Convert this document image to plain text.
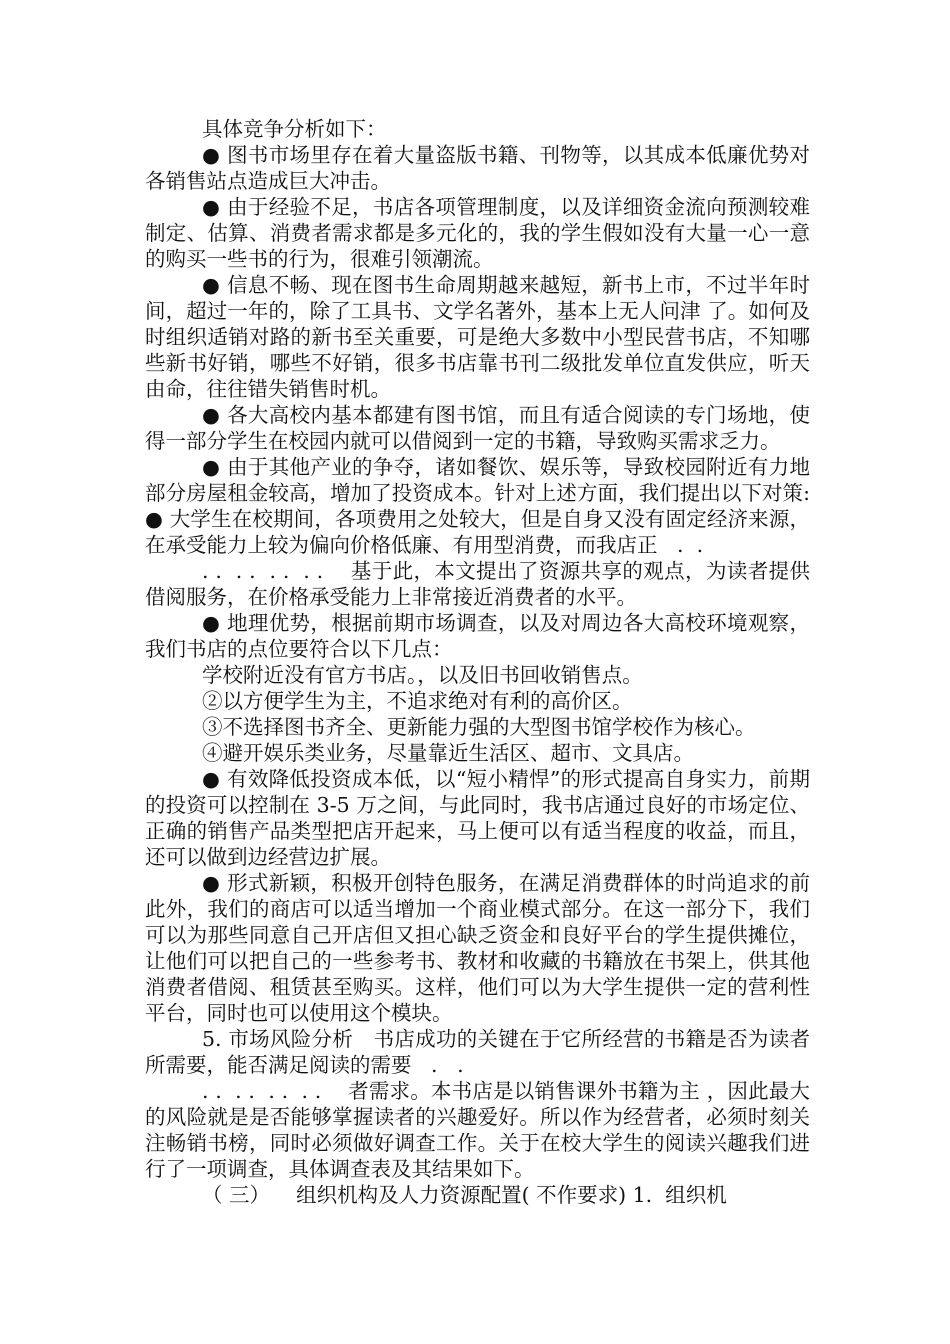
具体竞争分析如下：

● 图书市场里存在着大量盗版书籍、刊物等，以其成本低廉优势对各销售站点造成巨大冲击。

● 由于经验不足，书店各项管理制度，以及详细资金流向预测较难 制定、估算、消费者需求都是多元化的，我的学生假如没有大量一心一意的购买一些书的行为，很难引领潮流。

● 信息不畅、现在图书生命周期越来越短，新书上市，不过半年时间，超过一年的，除了工具书、文学名著外，基本上无人问津 了。如何及时组织适销对路的新书至关重要，可是绝大多数中小型民营书店，不知哪些新书好销，哪些不好销，很多书店靠书刊二级批发单位直发供应，听天由命，往往错失销售时机。

● 各大高校内基本都建有图书馆，而且有适合阅读的专门场地，使得一部分学生在校园内就可以借阅到一定的书籍，导致购买需求乏力。

● 由于其他产业的争夺，诸如餐饮、娱乐等，导致校园附近有力地 部分房屋租金较高，增加了投资成本。针对上述方面，我们提出以下对策: ● 大学生在校期间，各项费用之处较大，但是自身又没有固定经济来源，在承受能力上较为偏向价格低廉、有用型消费，而我店正   .  .

. .  . .  . .  . .    基于此，本文提出了资源共享的观点，为读者提供借阅服务，在价格承受能力上非常接近消费者的水平。

● 地理优势，根据前期市场调查，以及对周边各大高校环境观察，  我们书店的点位要符合以下几点：

学校附近没有官方书店。，以及旧书回收销售点。

②以方便学生为主，不追求绝对有利的高价区。

③不选择图书齐全、更新能力强的大型图书馆学校作为核心。

④避开娱乐类业务，尽量靠近生活区、超市、文具店。

● 有效降低投资成本低，以“短小精悍”的形式提高自身实力，前期的投资可以控制在 3-5 万之间，与此同时，我书店通过良好的市场定位、正确的销售产品类型把店开起来，马上便可以有适当程度的收益，而且，还可以做到边经营边扩展。

● 形式新颖，积极开创特色服务，在满足消费群体的时尚追求的前 此外，我们的商店可以适当增加一个商业模式部分。在这一部分下，我们可以为那些同意自己开店但又担心缺乏资金和良好平台的学生提供摊位，让他们可以把自己的一些参考书、教材和收藏的书籍放在书架上，供其他消费者借阅、租赁甚至购买。这样，他们可以为大学生提供一定的营利性平台，同时也可以使用这个模块。

5. 市场风险分析   书店成功的关键在于它所经营的书籍是否为读者所需要，能否满足阅读的需要   .   .

. .  . .  . .  . .    者需求。本书店是以销售课外书籍为主 ，因此最大的风险就是是否能够掌握读者的兴趣爱好。所以作为经营者，必须时刻关注畅销书榜，同时必须做好调查工作。关于在校大学生的阅读兴趣我们进行了一项调查，具体调查表及其结果如下。

（ 三）    组织机构及人力资源配置( 不作要求) 1.  组织机
